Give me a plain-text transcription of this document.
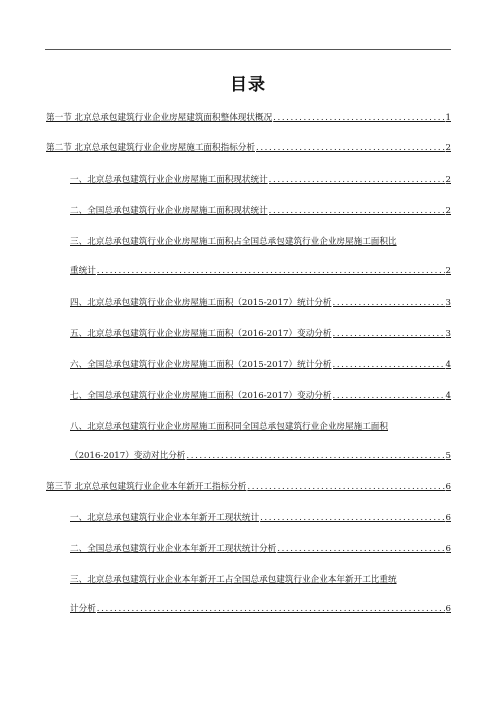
目录
第一节 北京总承包建筑行业企业房屋建筑面积整体现状概况 .....	1
第二节 北京总承包建筑行业企业房屋施工面积指标分析 .....	2
一、北京总承包建筑行业企业房屋施工面积现状统计 .....	2
二、全国总承包建筑行业企业房屋施工面积现状统计 .....	2
三、北京总承包建筑行业企业房屋施工面积占全国总承包建筑行业企业房屋施工面积比
重统计 .....	2
四、北京总承包建筑行业企业房屋施工面积（2015-2017）统计分析 .....	3
五、北京总承包建筑行业企业房屋施工面积（2016-2017）变动分析 .....	3
六、全国总承包建筑行业企业房屋施工面积（2015-2017）统计分析 .....	4
七、全国总承包建筑行业企业房屋施工面积（2016-2017）变动分析 .....	4
八、北京总承包建筑行业企业房屋施工面积同全国总承包建筑行业企业房屋施工面积
（2016-2017）变动对比分析 .....	5
第三节 北京总承包建筑行业企业本年新开工指标分析 .....	6
一、北京总承包建筑行业企业本年新开工现状统计 .....	6
二、全国总承包建筑行业企业本年新开工现状统计分析 .....	6
三、北京总承包建筑行业企业本年新开工占全国总承包建筑行业企业本年新开工比重统
计分析 .....	6
